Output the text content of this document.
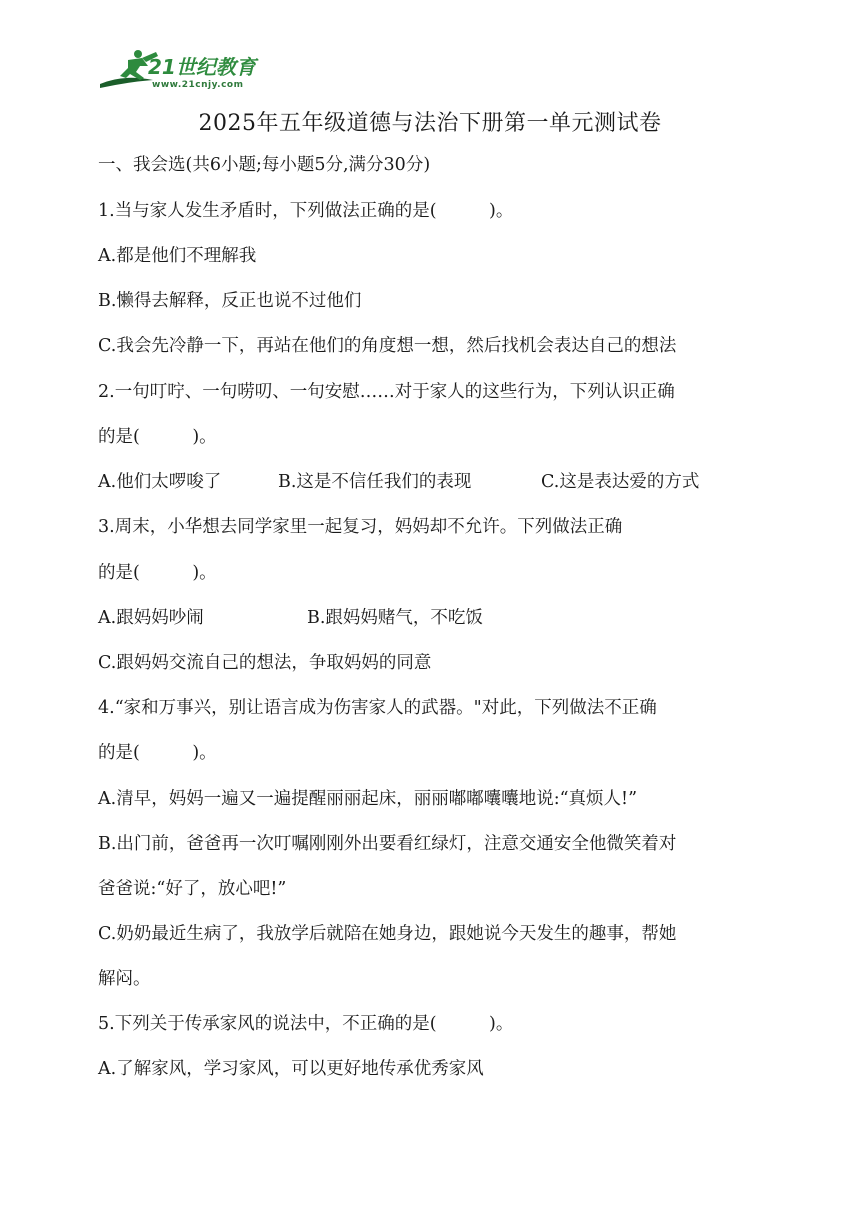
21世纪教育
www.21cnjy.com
2025年五年级道德与法治下册第一单元测试卷
一、我会选(共6小题;每小题5分,满分30分)
1.当与家人发生矛盾时，下列做法正确的是(　　　)。
A.都是他们不理解我
B.懒得去解释，反正也说不过他们
C.我会先冷静一下，再站在他们的角度想一想，然后找机会表达自己的想法
2.一句叮咛、一句唠叨、一句安慰……对于家人的这些行为，下列认识正确
的是(　　　)。
A.他们太啰唆了	B.这是不信任我们的表现	C.这是表达爱的方式
3.周末，小华想去同学家里一起复习，妈妈却不允许。下列做法正确
的是(　　　)。
A.跟妈妈吵闹	B.跟妈妈赌气，不吃饭
C.跟妈妈交流自己的想法，争取妈妈的同意
4.“家和万事兴，别让语言成为伤害家人的武器。"对此，下列做法不正确
的是(　　　)。
A.清早，妈妈一遍又一遍提醒丽丽起床，丽丽嘟嘟囔囔地说:“真烦人!”
B.出门前，爸爸再一次叮嘱刚刚外出要看红绿灯，注意交通安全他微笑着对
爸爸说:“好了，放心吧!”
C.奶奶最近生病了，我放学后就陪在她身边，跟她说今天发生的趣事，帮她
解闷。
5.下列关于传承家风的说法中，不正确的是(　　　)。
A.了解家风，学习家风，可以更好地传承优秀家风
